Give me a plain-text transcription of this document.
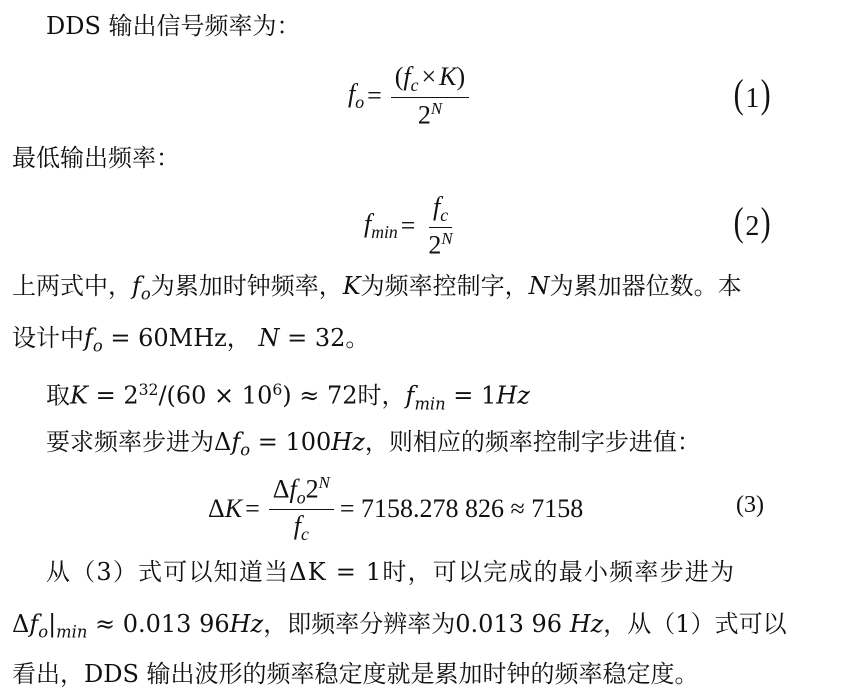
DDS 输出信号频率为：
$f_o = \frac{(f_c \times K)}{2^N}$	(1)
最低输出频率：
$f_{min} = \frac{f_c}{2^N}$	(2)
上两式中，$f_o$为累加时钟频率，K为频率控制字，N为累加器位数。本
设计中$f_o = 60MHz$， N = 32。
取$K = 2^{32}/(60 \times 10^6) \approx 72$时，$f_{min} = 1Hz$
要求频率步进为$\Delta f_o = 100Hz$，则相应的频率控制字步进值：
$\Delta K = \frac{\Delta f_o2^N}{f_c} = 7158.278$ 826 ≈ 7158	(3)
从（3）式可以知道当ΔK = 1时，可以完成的最小频率步进为
$\Delta f_o|_{min} \approx 0.013$ 96Hz，即频率分辨率为0.013 96 Hz，从（1）式可以
看出，DDS 输出波形的频率稳定度就是累加时钟的频率稳定度。
